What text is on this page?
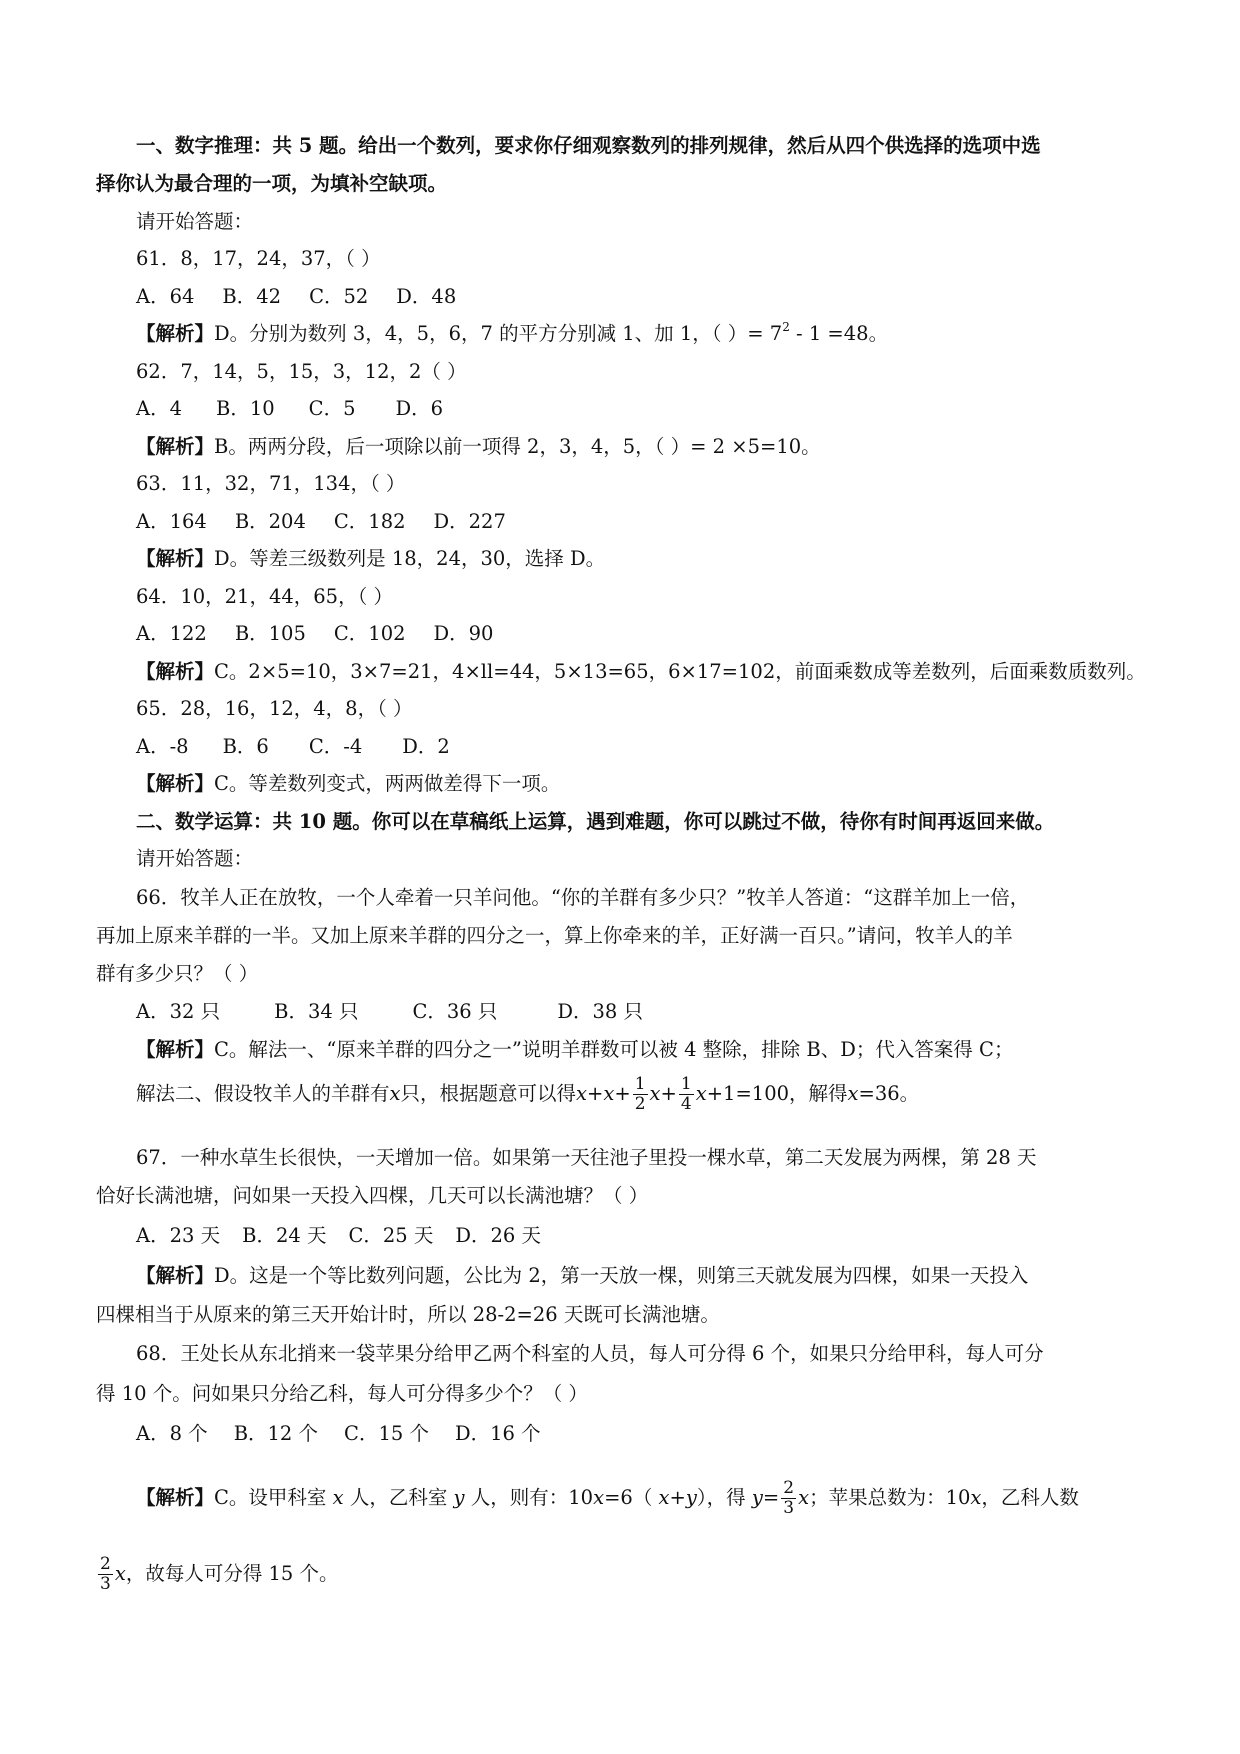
一、数字推理：共 5 题。给出一个数列，要求你仔细观察数列的排列规律，然后从四个供选择的选项中选
择你认为最合理的一项，为填补空缺项。
请开始答题：
61．8，17，24，37，（ ）
A．64 B．42 C．52 D．48
【解析】D。分别为数列 3，4，5，6，7 的平方分别减 1、加 1，（ ）= $7^2 - 1 =48$。
62．7，14，5，15，3，12，2（ ）
A．4 B．10 C．5 D．6
【解析】B。两两分段，后一项除以前一项得 2，3，4，5，（ ）= 2 ×5=10。
63．11，32，71，134，（ ）
A．164 B．204 C．182 D．227
【解析】D。等差三级数列是 18，24，30，选择 D。
64．10，21，44，65，（ ）
A．122 B．105 C．102 D．90
【解析】C。2×5=10，3×7=21，4×ll=44，5×13=65，6×17=102，前面乘数成等差数列，后面乘数质数列。
65．28，16，12，4，8，（ ）
A．-8 B．6 C．-4 D．2
【解析】C。等差数列变式，两两做差得下一项。
二、数学运算：共 10 题。你可以在草稿纸上运算，遇到难题，你可以跳过不做，待你有时间再返回来做。
请开始答题：
66．牧羊人正在放牧，一个人牵着一只羊问他。“你的羊群有多少只？”牧羊人答道：“这群羊加上一倍，
再加上原来羊群的一半。又加上原来羊群的四分之一，算上你牵来的羊，正好满一百只。”请问，牧羊人的羊
群有多少只？（ ）
A．32 只	B．34 只	C．36 只	D．38 只
【解析】C。解法一、“原来羊群的四分之一”说明羊群数可以被 4 整除，排除 B、D；代入答案得 C；
解法二、假设牧羊人的羊群有x只，根据题意可以得$x+x+ \frac{1}{2} x+ \frac{1}{4} x+1=100$，解得x=36。
67．一种水草生长很快，一天增加一倍。如果第一天往池子里投一棵水草，第二天发展为两棵，第 28 天
恰好长满池塘，问如果一天投入四棵，几天可以长满池塘？（ ）
A．23 天 B．24 天 C．25 天 D．26 天
【解析】D。这是一个等比数列问题，公比为 2，第一天放一棵，则第三天就发展为四棵，如果一天投入
四棵相当于从原来的第三天开始计时，所以 28-2=26 天既可长满池塘。
68．王处长从东北捎来一袋苹果分给甲乙两个科室的人员，每人可分得 6 个，如果只分给甲科，每人可分
得 10 个。问如果只分给乙科，每人可分得多少个？（ ）
A．8 个 B．12 个 C．15 个 D．16 个
【解析】C。设甲科室 x 人，乙科室 y 人，则有：10x=6（ x+y），得 $y= \frac{2}{3}$ x；苹果总数为：10x，乙科人数
$\frac{2}{3}$ x，故每人可分得 15 个。
